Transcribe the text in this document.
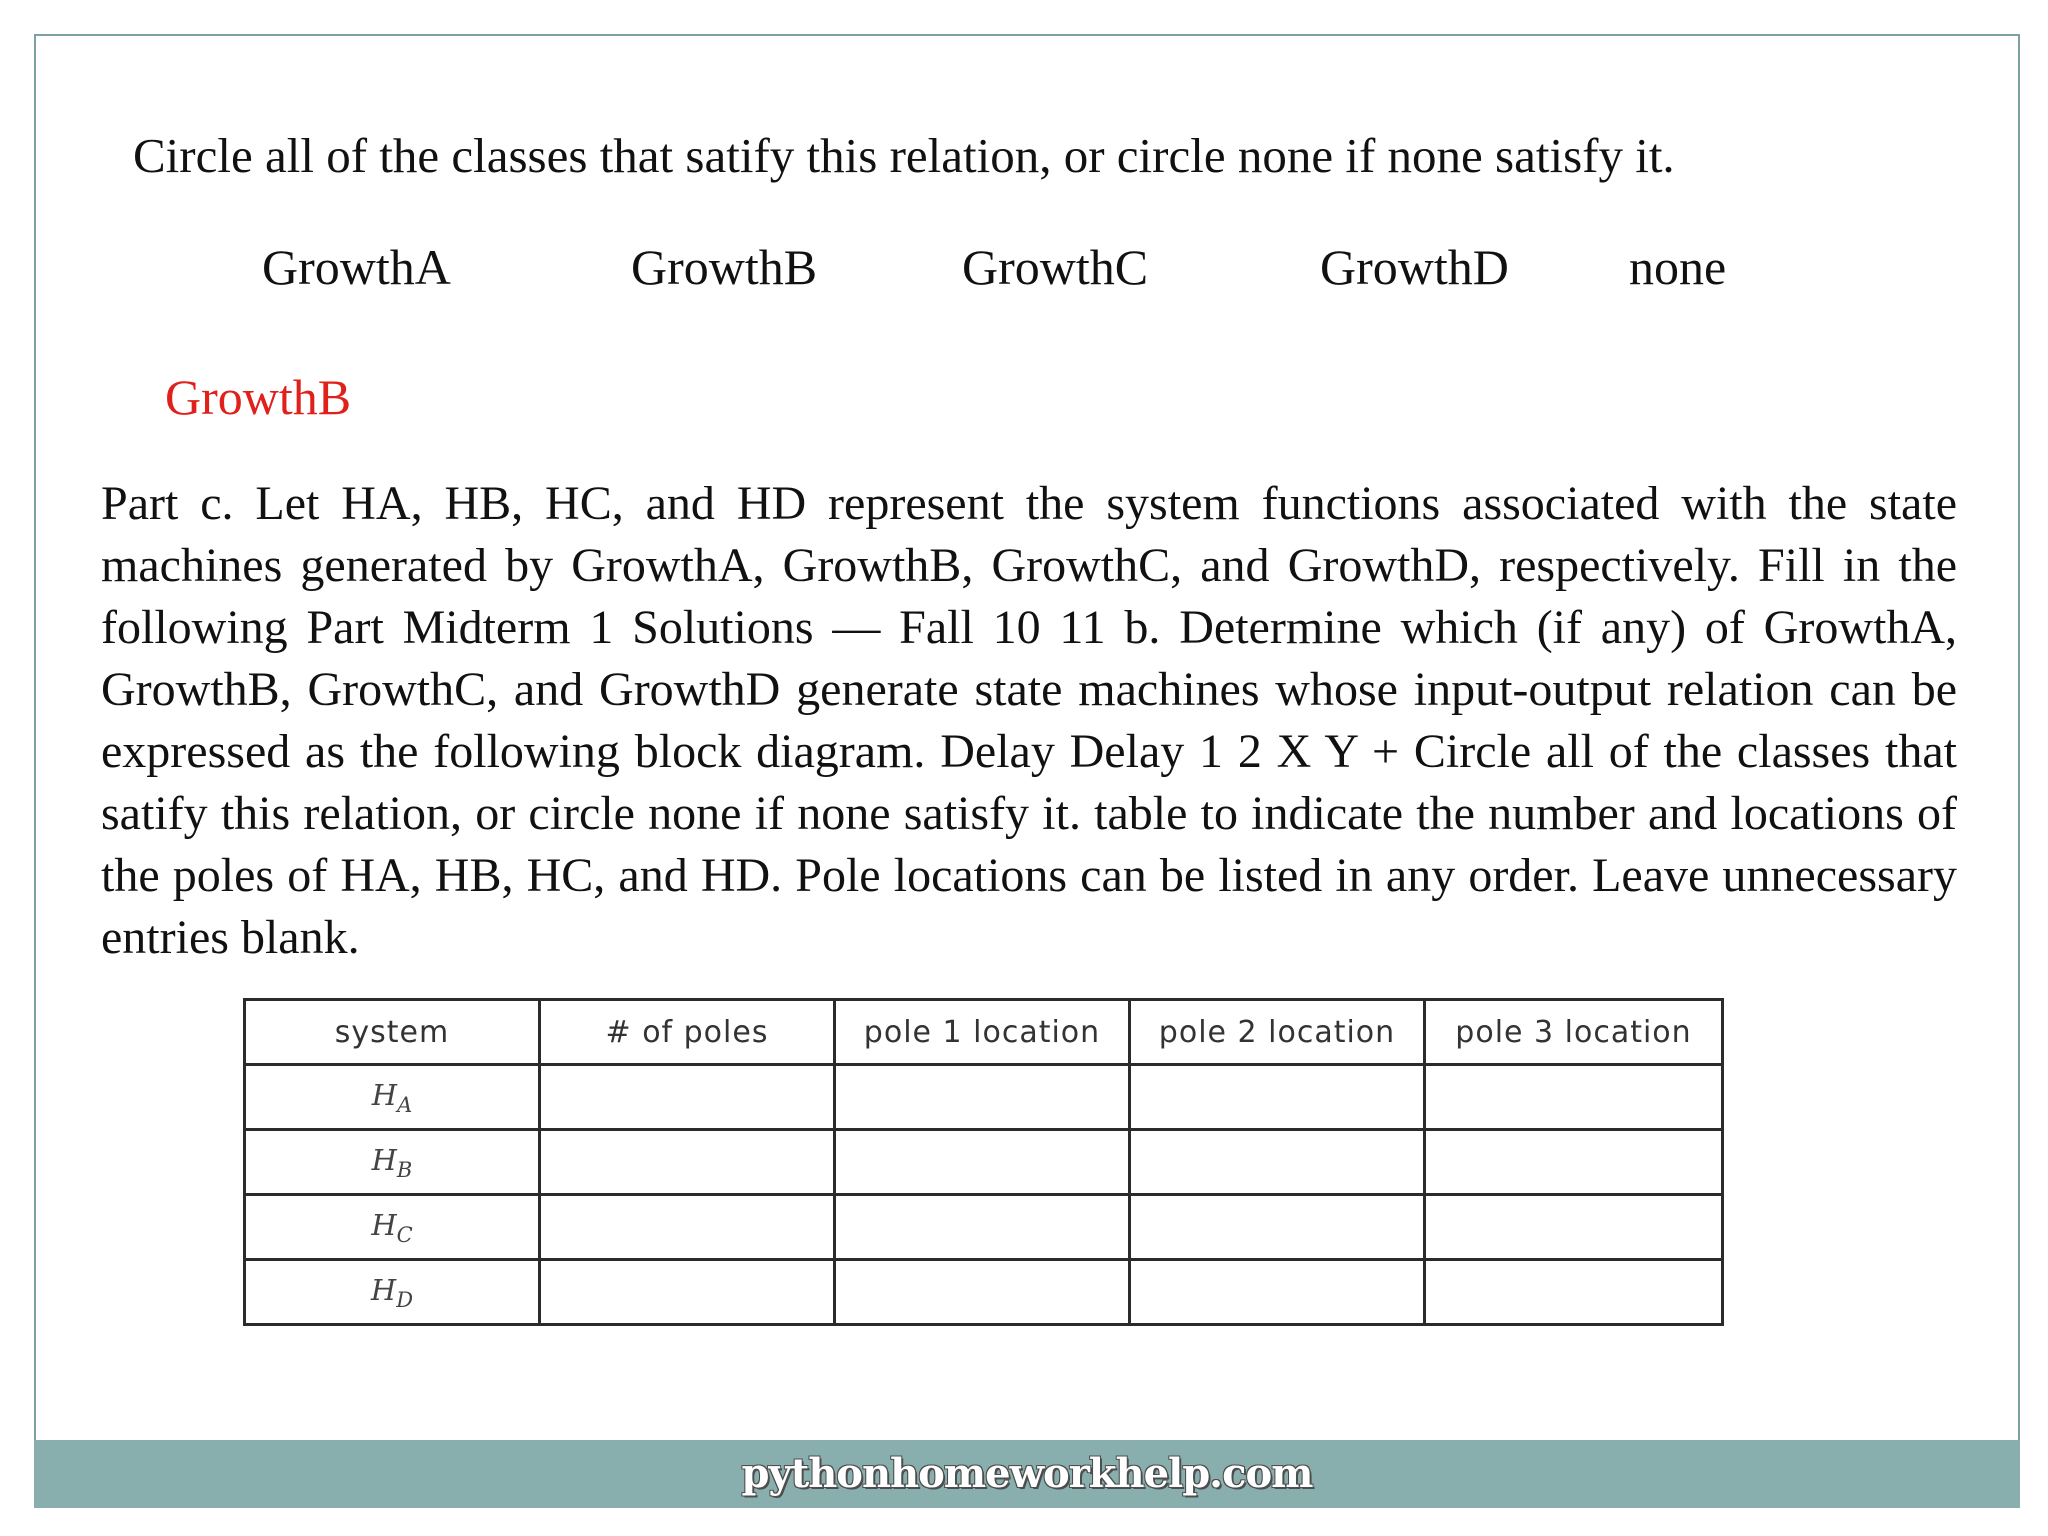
Circle all of the classes that satify this relation, or circle none if none satisfy it.
GrowthA	GrowthB	GrowthC	GrowthD none
GrowthB

Part c. Let HA, HB, HC, and HD represent the system functions associated with the state machines generated by GrowthA, GrowthB, GrowthC, and GrowthD, respectively. Fill in the following Part Midterm 1 Solutions — Fall 10 11 b. Determine which (if any) of GrowthA, GrowthB, GrowthC, and GrowthD generate state machines whose input-output relation can be expressed as the following block diagram. Delay Delay 1 2 X Y + Circle all of the classes that satify this relation, or circle none if none satisfy it. table to indicate the number and locations of the poles of HA, HB, HC, and HD. Pole locations can be listed in any order. Leave unnecessary entries blank.

system	# of poles	pole 1 location	pole 2 location	pole 3 location
$H_A$				
$H_B$				
$H_C$				
$H_D$				
pythonhomeworkhelp.com
